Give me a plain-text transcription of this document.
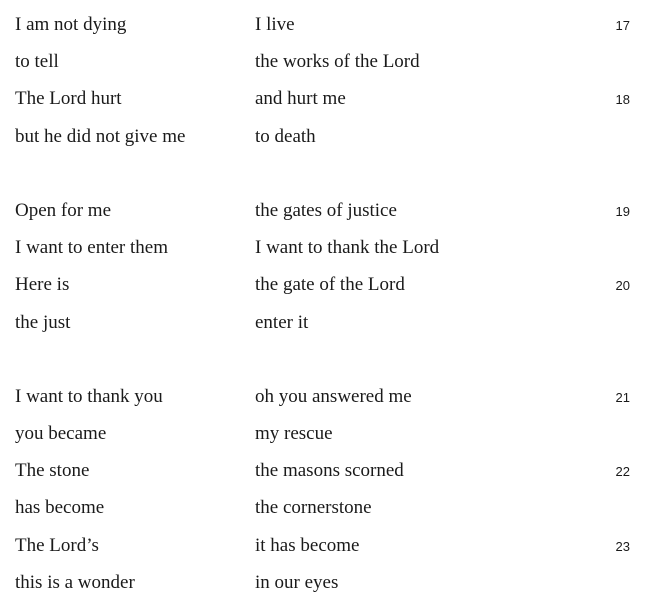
I am not dying	I live	17
to tell	the works of the Lord
The Lord hurt	and hurt me	18
but he did not give me	to death
Open for me	the gates of justice	19
I want to enter them	I want to thank the Lord
Here is	the gate of the Lord	20
the just	enter it
I want to thank you	oh you answered me	21
you became	my rescue
The stone	the masons scorned	22
has become	the cornerstone
The Lord’s	it has become	23
this is a wonder	in our eyes
